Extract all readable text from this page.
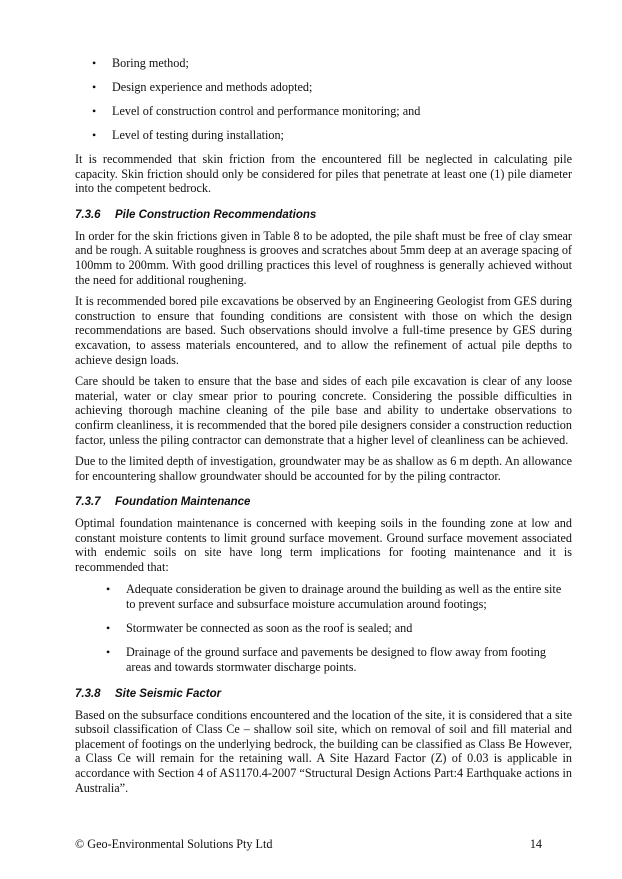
• Boring method;
• Design experience and methods adopted;
• Level of construction control and performance monitoring; and
• Level of testing during installation;

It is recommended that skin friction from the encountered fill be neglected in calculating pile capacity. Skin friction should only be considered for piles that penetrate at least one (1) pile diameter into the competent bedrock.

7.3.6 Pile Construction Recommendations

In order for the skin frictions given in Table 8 to be adopted, the pile shaft must be free of clay smear and be rough. A suitable roughness is grooves and scratches about 5mm deep at an average spacing of 100mm to 200mm. With good drilling practices this level of roughness is generally achieved without the need for additional roughening.

It is recommended bored pile excavations be observed by an Engineering Geologist from GES during construction to ensure that founding conditions are consistent with those on which the design recommendations are based. Such observations should involve a full-time presence by GES during excavation, to assess materials encountered, and to allow the refinement of actual pile depths to achieve design loads.

Care should be taken to ensure that the base and sides of each pile excavation is clear of any loose material, water or clay smear prior to pouring concrete. Considering the possible difficulties in achieving thorough machine cleaning of the pile base and ability to undertake observations to confirm cleanliness, it is recommended that the bored pile designers consider a construction reduction factor, unless the piling contractor can demonstrate that a higher level of cleanliness can be achieved.

Due to the limited depth of investigation, groundwater may be as shallow as 6 m depth. An allowance for encountering shallow groundwater should be accounted for by the piling contractor.

7.3.7 Foundation Maintenance

Optimal foundation maintenance is concerned with keeping soils in the founding zone at low and constant moisture contents to limit ground surface movement. Ground surface movement associated with endemic soils on site have long term implications for footing maintenance and it is recommended that:

• Adequate consideration be given to drainage around the building as well as the entire site to prevent surface and subsurface moisture accumulation around footings;
• Stormwater be connected as soon as the roof is sealed; and
• Drainage of the ground surface and pavements be designed to flow away from footing areas and towards stormwater discharge points.
7.3.8 Site Seismic Factor

Based on the subsurface conditions encountered and the location of the site, it is considered that a site subsoil classification of Class Ce – shallow soil site, which on removal of soil and fill material and placement of footings on the underlying bedrock, the building can be classified as Class Be However, a Class Ce will remain for the retaining wall. A Site Hazard Factor (Z) of 0.03 is applicable in accordance with Section 4 of AS1170.4-2007 “Structural Design Actions Part:4 Earthquake actions in Australia”.

© Geo-Environmental Solutions Pty Ltd	14
